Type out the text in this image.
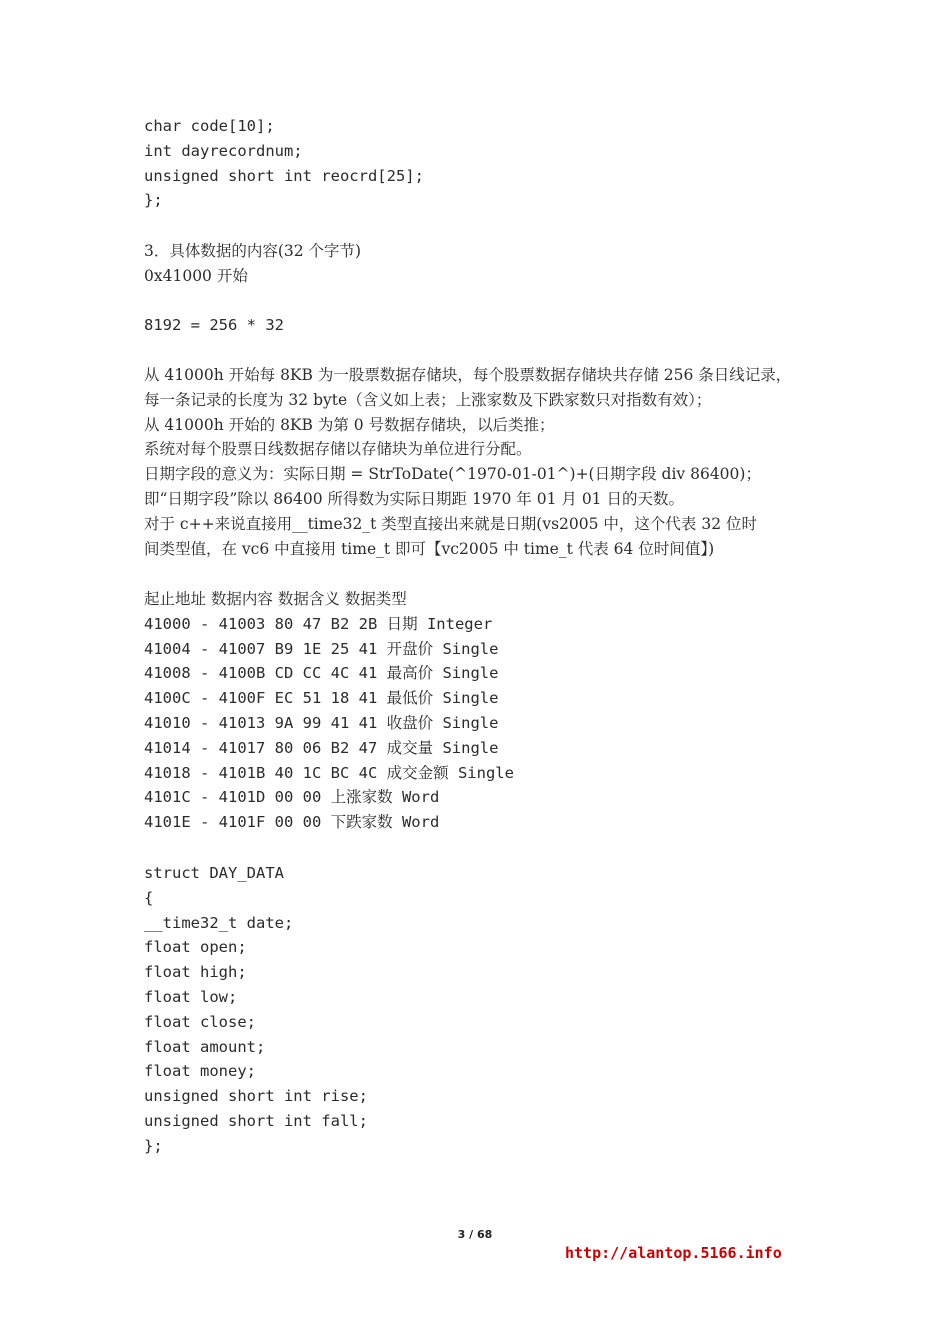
char code[10];
int dayrecordnum;
unsigned short int reocrd[25];
};
3．具体数据的内容(32 个字节)
0x41000 开始
8192 = 256 * 32
从 41000h 开始每 8KB 为一股票数据存储块，每个股票数据存储块共存储 256 条日线记录，
每一条记录的长度为 32 byte（含义如上表；上涨家数及下跌家数只对指数有效）；
从 41000h 开始的 8KB 为第 0 号数据存储块，以后类推；
系统对每个股票日线数据存储以存储块为单位进行分配。
日期字段的意义为：实际日期 = StrToDate(^1970-01-01^)+(日期字段 div 86400)；
即“日期字段”除以 86400 所得数为实际日期距 1970 年 01 月 01 日的天数。
对于 c++来说直接用__time32_t 类型直接出来就是日期(vs2005 中，这个代表 32 位时
间类型值，在 vc6 中直接用 time_t 即可【vc2005 中 time_t 代表 64 位时间值】)
起止地址 数据内容 数据含义 数据类型
41000 - 41003 80 47 B2 2B 日期 Integer
41004 - 41007 B9 1E 25 41 开盘价 Single
41008 - 4100B CD CC 4C 41 最高价 Single
4100C - 4100F EC 51 18 41 最低价 Single
41010 - 41013 9A 99 41 41 收盘价 Single
41014 - 41017 80 06 B2 47 成交量 Single
41018 - 4101B 40 1C BC 4C 成交金额 Single
4101C - 4101D 00 00 上涨家数 Word
4101E - 4101F 00 00 下跌家数 Word
struct DAY_DATA
{
__time32_t date;
float open;
float high;
float low;
float close;
float amount;
float money;
unsigned short int rise;
unsigned short int fall;
};
3 / 68
http://alantop.5166.info
